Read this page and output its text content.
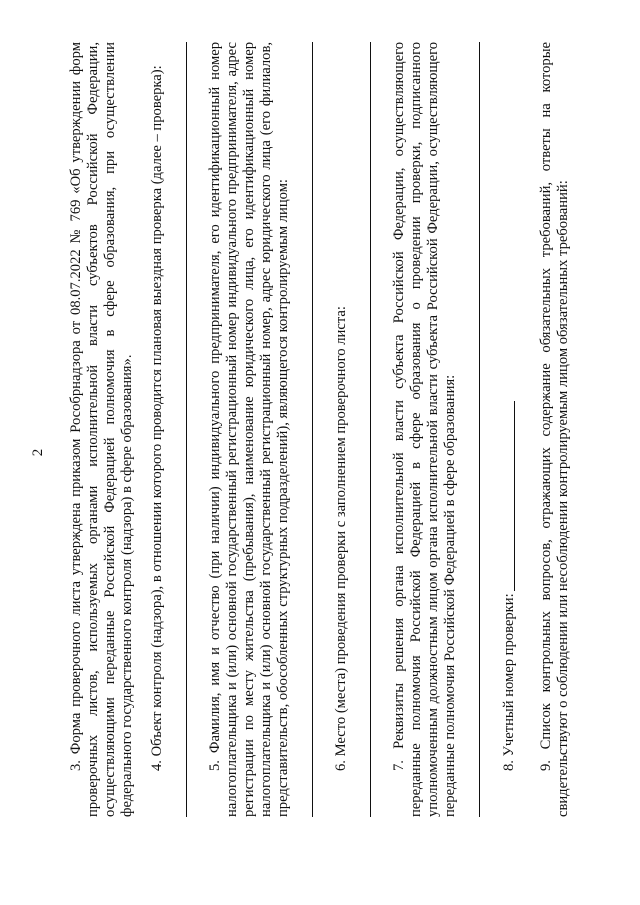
2 3. Форма проверочного листа утверждена приказом Рособрнадзора от 08.07.2022 № 769 «Об утверждении форм проверочных листов, используемых органами исполнительной власти субъектов Российской Федерации, осуществляющими переданные Российской Федерацией полномочия в сфере образования, при осуществлении федерального государственного контроля (надзора) в сфере образования». 4. Объект контроля (надзора), в отношении которого проводится плановая выездная проверка (далее – проверка):	5. Фамилия, имя и отчество (при наличии) индивидуального предпринимателя, его идентификационный номер налогоплательщика и (или) основной государственный регистрационный номер индивидуального предпринимателя, адрес регистрации по месту жительства (пребывания), наименование юридического лица, его идентификационный номер налогоплательщика и (или) основной государственный регистрационный номер, адрес юридического лица (его филиалов, представительств, обособленных структурных подразделений), являющегося контролируемым лицом:	6. Место (места) проведения проверки с заполнением проверочного листа:	7. Реквизиты решения органа исполнительной власти субъекта Российской Федерации, осуществляющего переданные полномочия Российской Федерацией в сфере образования о проведении проверки, подписанного уполномоченным должностным лицом органа исполнительной власти субъекта Российской Федерации, осуществляющего переданные полномочия Российской Федерацией в сфере образования:	8. Учетный номер проверки: 9. Список контрольных вопросов, отражающих содержание обязательных требований, ответы на которые свидетельствуют о соблюдении или несоблюдении контролируемым лицом обязательных требований:
